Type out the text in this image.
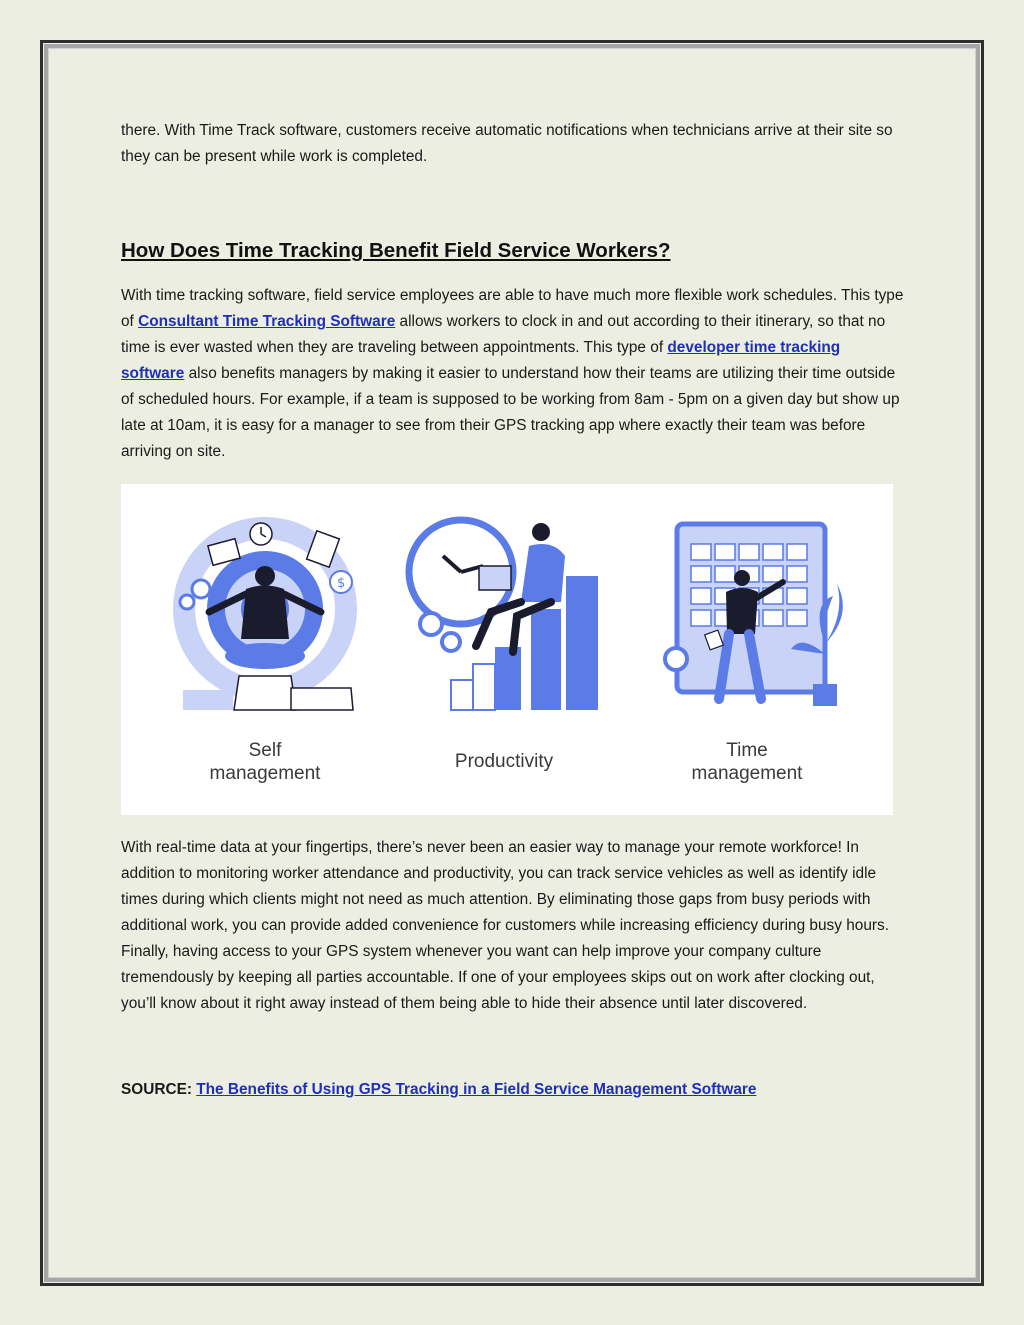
there. With Time Track software, customers receive automatic notifications when technicians arrive at their site so they can be present while work is completed.

How Does Time Tracking Benefit Field Service Workers?

With time tracking software, field service employees are able to have much more flexible work schedules. This type of Consultant Time Tracking Software allows workers to clock in and out according to their itinerary, so that no time is ever wasted when they are traveling between appointments. This type of developer time tracking software also benefits managers by making it easier to understand how their teams are utilizing their time outside of scheduled hours. For example, if a team is supposed to be working from 8am - 5pm on a given day but show up late at 10am, it is easy for a manager to see from their GPS tracking app where exactly their team was before arriving on site.

$
Self
management
Productivity
Time
management

With real-time data at your fingertips, there’s never been an easier way to manage your remote workforce! In addition to monitoring worker attendance and productivity, you can track service vehicles as well as identify idle times during which clients might not need as much attention. By eliminating those gaps from busy periods with additional work, you can provide added convenience for customers while increasing efficiency during busy hours. Finally, having access to your GPS system whenever you want can help improve your company culture tremendously by keeping all parties accountable. If one of your employees skips out on work after clocking out, you’ll know about it right away instead of them being able to hide their absence until later discovered.

SOURCE: The Benefits of Using GPS Tracking in a Field Service Management Software
